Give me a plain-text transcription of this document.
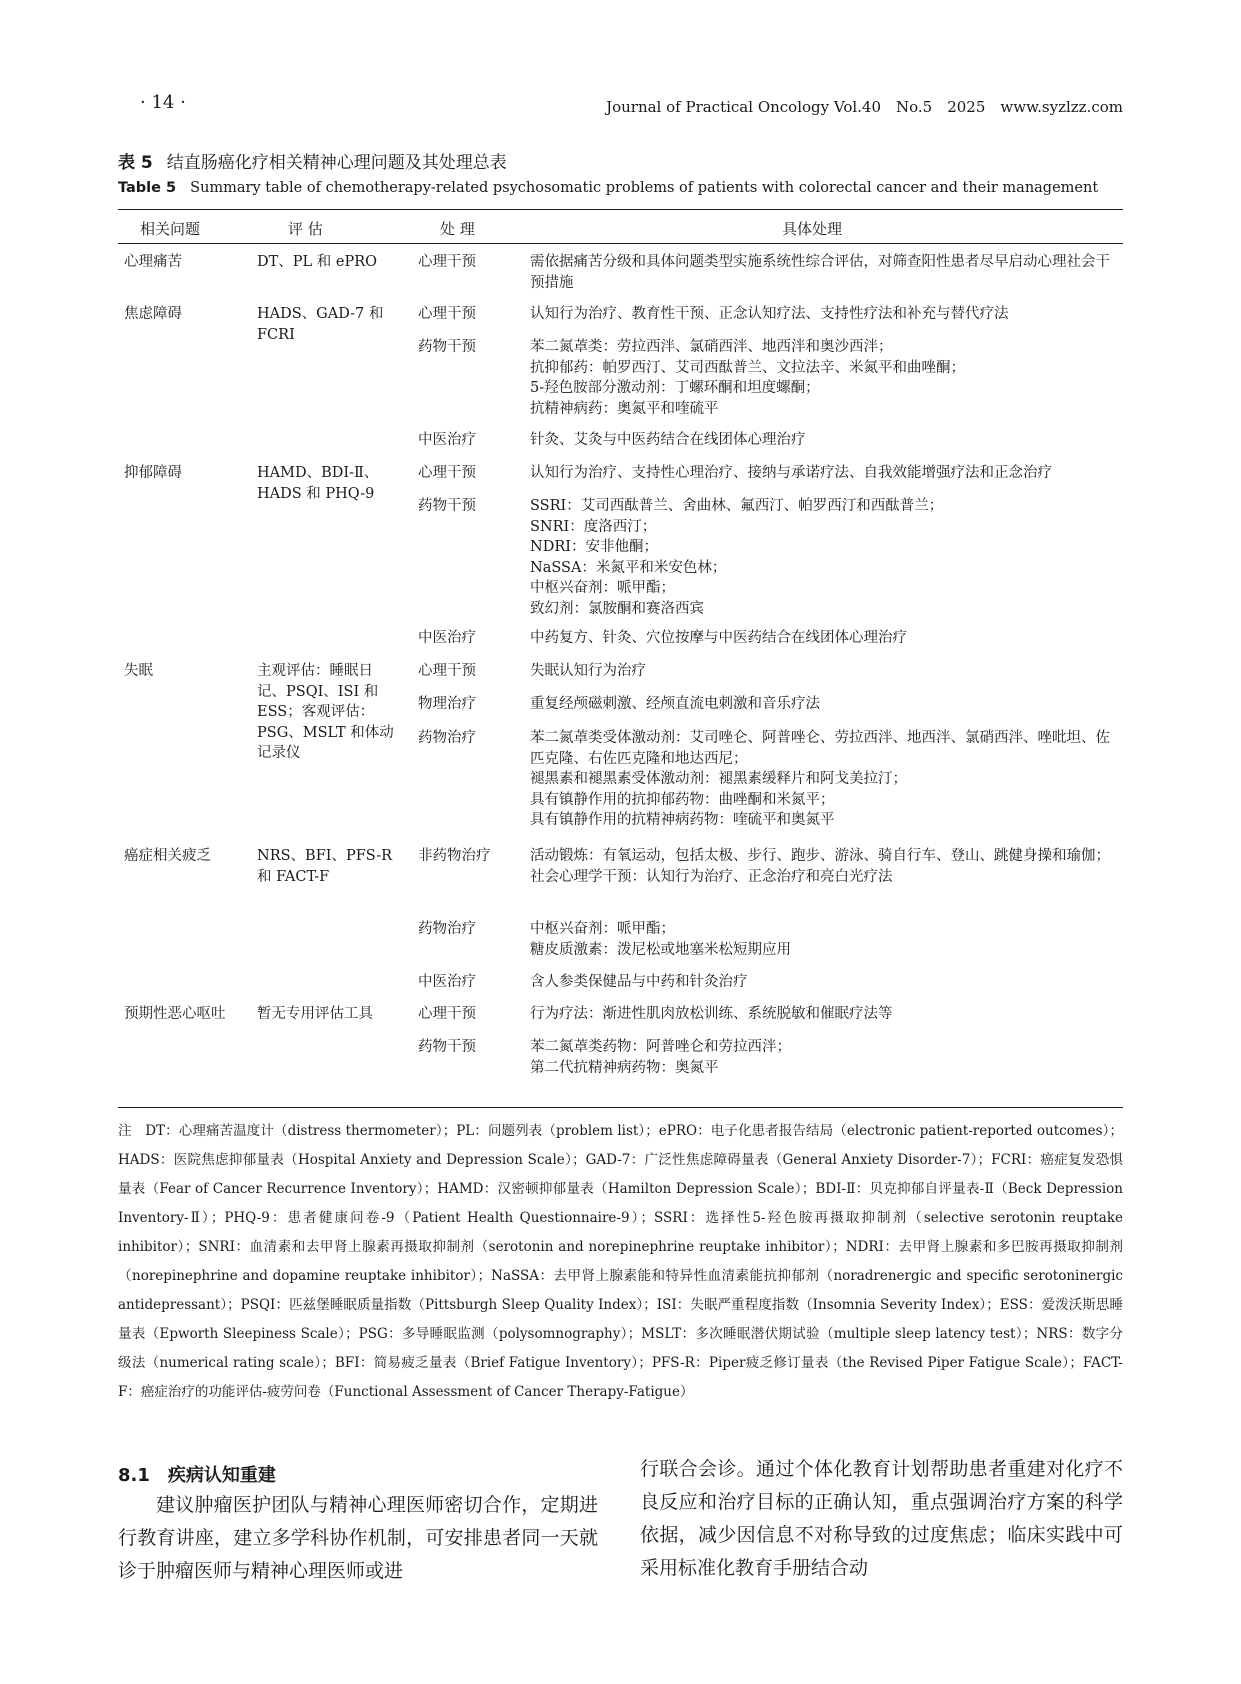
· 14 ·	Journal of Practical Oncology Vol.40　No.5　2025　www.syzlzz.com
表 5 结直肠癌化疗相关精神心理问题及其处理总表
Table 5 Summary table of chemotherapy-related psychosomatic problems of patients with colorectal cancer and their management
相关问题	评 估	处 理	具体处理
心理痛苦	DT、PL 和 ePRO	心理干预	需依据痛苦分级和具体问题类型实施系统性综合评估，对筛查阳性患者尽早启动心理社会干预措施
焦虑障碍	HADS、GAD-7 和 FCRI
心理干预	认知行为治疗、教育性干预、正念认知疗法、支持性疗法和补充与替代疗法
药物干预	苯二氮䓬类：劳拉西泮、氯硝西泮、地西泮和奥沙西泮；
抗抑郁药：帕罗西汀、艾司西酞普兰、文拉法辛、米氮平和曲唑酮；
5-羟色胺部分激动剂：丁螺环酮和坦度螺酮；
抗精神病药：奥氮平和喹硫平
中医治疗	针灸、艾灸与中医药结合在线团体心理治疗
抑郁障碍	HAMD、BDI-Ⅱ、HADS 和 PHQ-9
心理干预	认知行为治疗、支持性心理治疗、接纳与承诺疗法、自我效能增强疗法和正念治疗
药物干预	SSRI：艾司西酞普兰、舍曲林、氟西汀、帕罗西汀和西酞普兰；
SNRI：度洛西汀；
NDRI：安非他酮；
NaSSA：米氮平和米安色林；
中枢兴奋剂：哌甲酯；
致幻剂：氯胺酮和赛洛西宾
中医治疗	中药复方、针灸、穴位按摩与中医药结合在线团体心理治疗
失眠	主观评估：睡眠日记、PSQI、ISI 和 ESS；客观评估：PSG、MSLT 和体动记录仪
心理干预	失眠认知行为治疗
物理治疗	重复经颅磁刺激、经颅直流电刺激和音乐疗法
药物治疗	苯二氮䓬类受体激动剂：艾司唑仑、阿普唑仑、劳拉西泮、地西泮、氯硝西泮、唑吡坦、佐匹克隆、右佐匹克隆和地达西尼；
褪黑素和褪黑素受体激动剂：褪黑素缓释片和阿戈美拉汀；
具有镇静作用的抗抑郁药物：曲唑酮和米氮平；
具有镇静作用的抗精神病药物：喹硫平和奥氮平
癌症相关疲乏	NRS、BFI、PFS-R 和 FACT-F
非药物治疗	活动锻炼：有氧运动，包括太极、步行、跑步、游泳、骑自行车、登山、跳健身操和瑜伽；
社会心理学干预：认知行为治疗、正念治疗和亮白光疗法
药物治疗	中枢兴奋剂：哌甲酯；
糖皮质激素：泼尼松或地塞米松短期应用
中医治疗	含人参类保健品与中药和针灸治疗
预期性恶心呕吐	暂无专用评估工具	心理干预	行为疗法：渐进性肌肉放松训练、系统脱敏和催眠疗法等
药物干预	苯二氮䓬类药物：阿普唑仑和劳拉西泮；
第二代抗精神病药物：奥氮平
注　DT：心理痛苦温度计（distress thermometer）；PL：问题列表（problem list）；ePRO：电子化患者报告结局（electronic patient-reported outcomes）；HADS：医院焦虑抑郁量表（Hospital Anxiety and Depression Scale）；GAD-7：广泛性焦虑障碍量表（General Anxiety Disorder-7）；FCRI：癌症复发恐惧量表（Fear of Cancer Recurrence Inventory）；HAMD：汉密顿抑郁量表（Hamilton Depression Scale）；BDI-Ⅱ：贝克抑郁自评量表-Ⅱ（Beck Depression Inventory-Ⅱ）；PHQ-9：患者健康问卷-9（Patient Health Questionnaire-9）；SSRI：选择性5-羟色胺再摄取抑制剂（selective serotonin reuptake inhibitor）；SNRI：血清素和去甲肾上腺素再摄取抑制剂（serotonin and norepinephrine reuptake inhibitor）；NDRI：去甲肾上腺素和多巴胺再摄取抑制剂（norepinephrine and dopamine reuptake inhibitor）；NaSSA：去甲肾上腺素能和特异性血清素能抗抑郁剂（noradrenergic and specific serotoninergic antidepressant）；PSQI：匹兹堡睡眠质量指数（Pittsburgh Sleep Quality Index）；ISI：失眠严重程度指数（Insomnia Severity Index）；ESS：爱泼沃斯思睡量表（Epworth Sleepiness Scale）；PSG：多导睡眠监测（polysomnography）；MSLT：多次睡眠潜伏期试验（multiple sleep latency test）；NRS：数字分级法（numerical rating scale）；BFI：简易疲乏量表（Brief Fatigue Inventory）；PFS-R：Piper疲乏修订量表（the Revised Piper Fatigue Scale）；FACT-F：癌症治疗的功能评估-疲劳问卷（Functional Assessment of Cancer Therapy-Fatigue）
8.1　疾病认知重建
建议肿瘤医护团队与精神心理医师密切合作，定期进行教育讲座，建立多学科协作机制，可安排患者同一天就诊于肿瘤医师与精神心理医师或进
行联合会诊。通过个体化教育计划帮助患者重建对化疗不良反应和治疗目标的正确认知，重点强调治疗方案的科学依据，减少因信息不对称导致的过度焦虑；临床实践中可采用标准化教育手册结合动
